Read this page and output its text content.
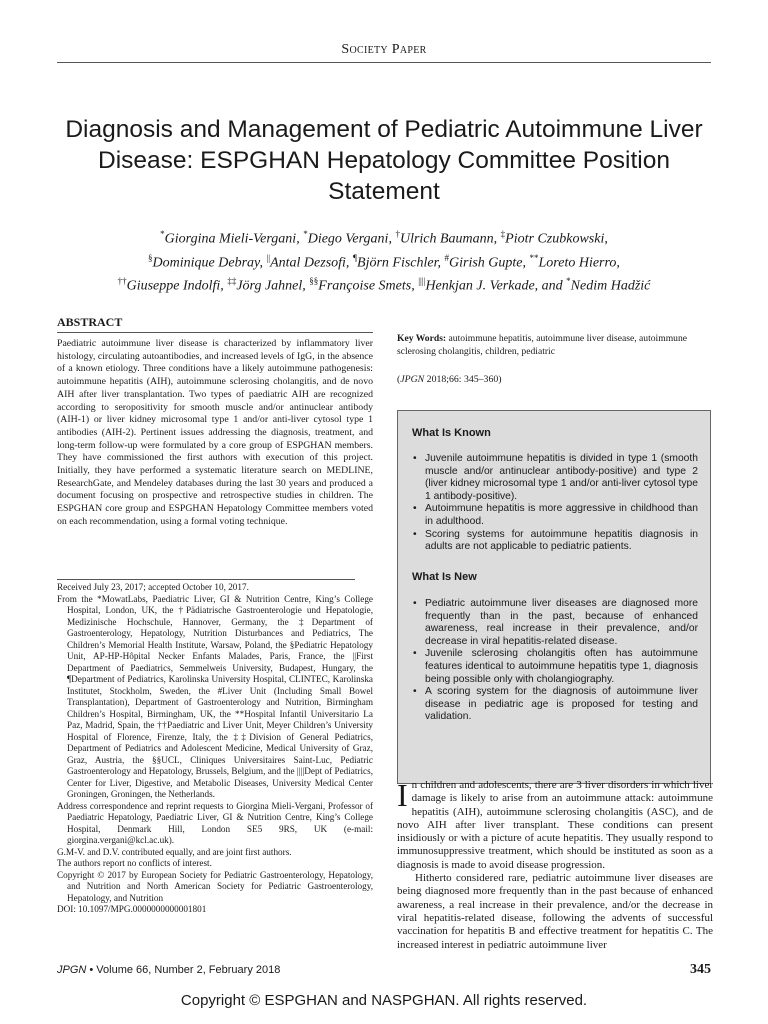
Society Paper
Diagnosis and Management of Pediatric Autoimmune Liver Disease: ESPGHAN Hepatology Committee Position Statement
*Giorgina Mieli-Vergani, *Diego Vergani, †Ulrich Baumann, ‡Piotr Czubkowski,
§Dominique Debray, ||Antal Dezsofi, ¶Björn Fischler, #Girish Gupte, **Loreto Hierro,
††Giuseppe Indolfi, ‡‡Jörg Jahnel, §§Françoise Smets, ||||Henkjan J. Verkade, and *Nedim Hadžić
ABSTRACT
Paediatric autoimmune liver disease is characterized by inflammatory liver histology, circulating autoantibodies, and increased levels of IgG, in the absence of a known etiology. Three conditions have a likely autoimmune pathogenesis: autoimmune hepatitis (AIH), autoimmune sclerosing cholangitis, and de novo AIH after liver transplantation. Two types of paediatric AIH are recognized according to seropositivity for smooth muscle and/or antinuclear antibody (AIH-1) or liver kidney microsomal type 1 and/or anti-liver cytosol type 1 antibodies (AIH-2). Pertinent issues addressing the diagnosis, treatment, and long-term follow-up were formulated by a core group of ESPGHAN members. They have commissioned the first authors with execution of this project. Initially, they have performed a systematic literature search on MEDLINE, ResearchGate, and Mendeley databases during the last 30 years and produced a document focusing on prospective and retrospective studies in children. The ESPGHAN core group and ESPGHAN Hepatology Committee members voted on each recommendation, using a formal voting technique.
Key Words: autoimmune hepatitis, autoimmune liver disease, autoimmune sclerosing cholangitis, children, pediatric
(JPGN 2018;66: 345–360)
What Is Known
• Juvenile autoimmune hepatitis is divided in type 1 (smooth muscle and/or antinuclear antibody-positive) and type 2 (liver kidney microsomal type 1 and/or anti-liver cytosol type 1 antibody-positive).
• Autoimmune hepatitis is more aggressive in childhood than in adulthood.
• Scoring systems for autoimmune hepatitis diagnosis in adults are not applicable to pediatric patients.
What Is New
• Pediatric autoimmune liver diseases are diagnosed more frequently than in the past, because of enhanced awareness, real increase in their prevalence, and/or decrease in viral hepatitis-related disease.
• Juvenile sclerosing cholangitis often has autoimmune features identical to autoimmune hepatitis type 1, diagnosis being possible only with cholangiography.
• A scoring system for the diagnosis of autoimmune liver disease in pediatric age is proposed for testing and validation.
Received July 23, 2017; accepted October 10, 2017.
From the *MowatLabs, Paediatric Liver, GI & Nutrition Centre, King’s College Hospital, London, UK, the †Pädiatrische Gastroenterologie und Hepatologie, Medizinische Hochschule, Hannover, Germany, the ‡Department of Gastroenterology, Hepatology, Nutrition Disturbances and Pediatrics, The Children’s Memorial Health Institute, Warsaw, Poland, the §Pediatric Hepatology Unit, AP-HP-Hôpital Necker Enfants Malades, Paris, France, the ||First Department of Paediatrics, Semmelweis University, Budapest, Hungary, the ¶Department of Pediatrics, Karolinska University Hospital, CLINTEC, Karolinska Institutet, Stockholm, Sweden, the #Liver Unit (Including Small Bowel Transplantation), Department of Gastroenterology and Nutrition, Birmingham Children’s Hospital, Birmingham, UK, the **Hospital Infantil Universitario La Paz, Madrid, Spain, the ††Paediatric and Liver Unit, Meyer Children’s University Hospital of Florence, Firenze, Italy, the ‡‡Division of General Pediatrics, Department of Pediatrics and Adolescent Medicine, Medical University of Graz, Graz, Austria, the §§UCL, Cliniques Universitaires Saint-Luc, Pediatric Gastroenterology and Hepatology, Brussels, Belgium, and the ||||Dept of Pediatrics, Center for Liver, Digestive, and Metabolic Diseases, University Medical Center Groningen, Groningen, the Netherlands.
Address correspondence and reprint requests to Giorgina Mieli-Vergani, Professor of Paediatric Hepatology, Paediatric Liver, GI & Nutrition Centre, King’s College Hospital, Denmark Hill, London SE5 9RS, UK (e-mail: giorgina.vergani@kcl.ac.uk).
G.M-V. and D.V. contributed equally, and are joint first authors.
The authors report no conflicts of interest.
Copyright © 2017 by European Society for Pediatric Gastroenterology, Hepatology, and Nutrition and North American Society for Pediatric Gastroenterology, Hepatology, and Nutrition
DOI: 10.1097/MPG.0000000000001801

In children and adolescents, there are 3 liver disorders in which liver damage is likely to arise from an autoimmune attack: autoimmune hepatitis (AIH), autoimmune sclerosing cholangitis (ASC), and de novo AIH after liver transplant. These conditions can present insidiously or with a picture of acute hepatitis. They usually respond to immunosuppressive treatment, which should be instituted as soon as a diagnosis is made to avoid disease progression.

Hitherto considered rare, pediatric autoimmune liver diseases are being diagnosed more frequently than in the past because of enhanced awareness, a real increase in their prevalence, and/or the decrease in viral hepatitis-related disease, following the advents of successful vaccination for hepatitis B and effective treatment for hepatitis C. The increased interest in pediatric autoimmune liver

JPGN • Volume 66, Number 2, February 2018	345
Copyright © ESPGHAN and NASPGHAN. All rights reserved.
